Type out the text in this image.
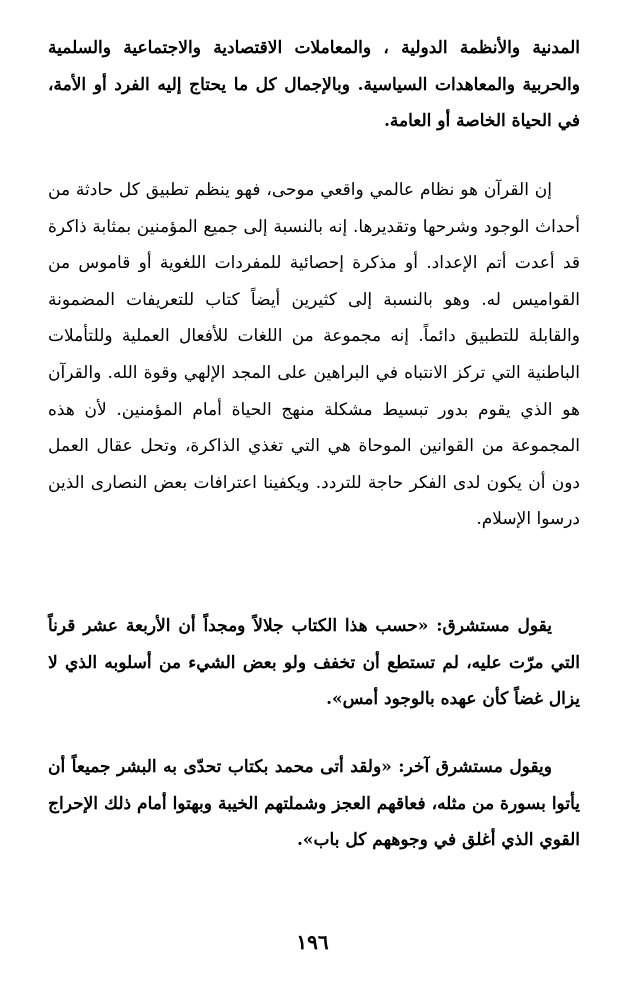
المدنية والأنظمة الدولية ، والمعاملات الاقتصادية والاجتماعية والسلمية والحربية والمعاهدات السياسية. وبالإجمال كل ما يحتاج إليه الفرد أو الأمة، في الحياة الخاصة أو العامة.

إن القرآن هو نظام عالمي واقعي موحى، فهو ينظم تطبيق كل حادثة من أحداث الوجود وشرحها وتقديرها. إنه بالنسبة إلى جميع المؤمنين بمثابة ذاكرة قد أعدت أتم الإعداد. أو مذكرة إحصائية للمفردات اللغوية أو قاموس من القواميس له. وهو بالنسبة إلى كثيرين أيضاً كتاب للتعريفات المضمونة والقابلة للتطبيق دائماً. إنه مجموعة من اللغات للأفعال العملية وللتأملات الباطنية التي تركز الانتباه في البراهين على المجد الإلهي وقوة الله. والقرآن هو الذي يقوم بدور تبسيط مشكلة منهج الحياة أمام المؤمنين. لأن هذه المجموعة من القوانين الموحاة هي التي تغذي الذاكرة، وتحل عقال العمل دون أن يكون لدى الفكر حاجة للتردد. ويكفينا اعترافات بعض النصارى الذين درسوا الإسلام.

يقول مستشرق: «حسب هذا الكتاب جلالاً ومجداً أن الأربعة عشر قرناً التي مرّت عليه، لم تستطع أن تخفف ولو بعض الشيء من أسلوبه الذي لا يزال غضاً كأن عهده بالوجود أمس».

ويقول مستشرق آخر: «ولقد أتى محمد بكتاب تحدّى به البشر جميعاً أن يأتوا بسورة من مثله، فعاقهم العجز وشملتهم الخيبة وبهتوا أمام ذلك الإحراج القوي الذي أغلق في وجوههم كل باب».

١٩٦
